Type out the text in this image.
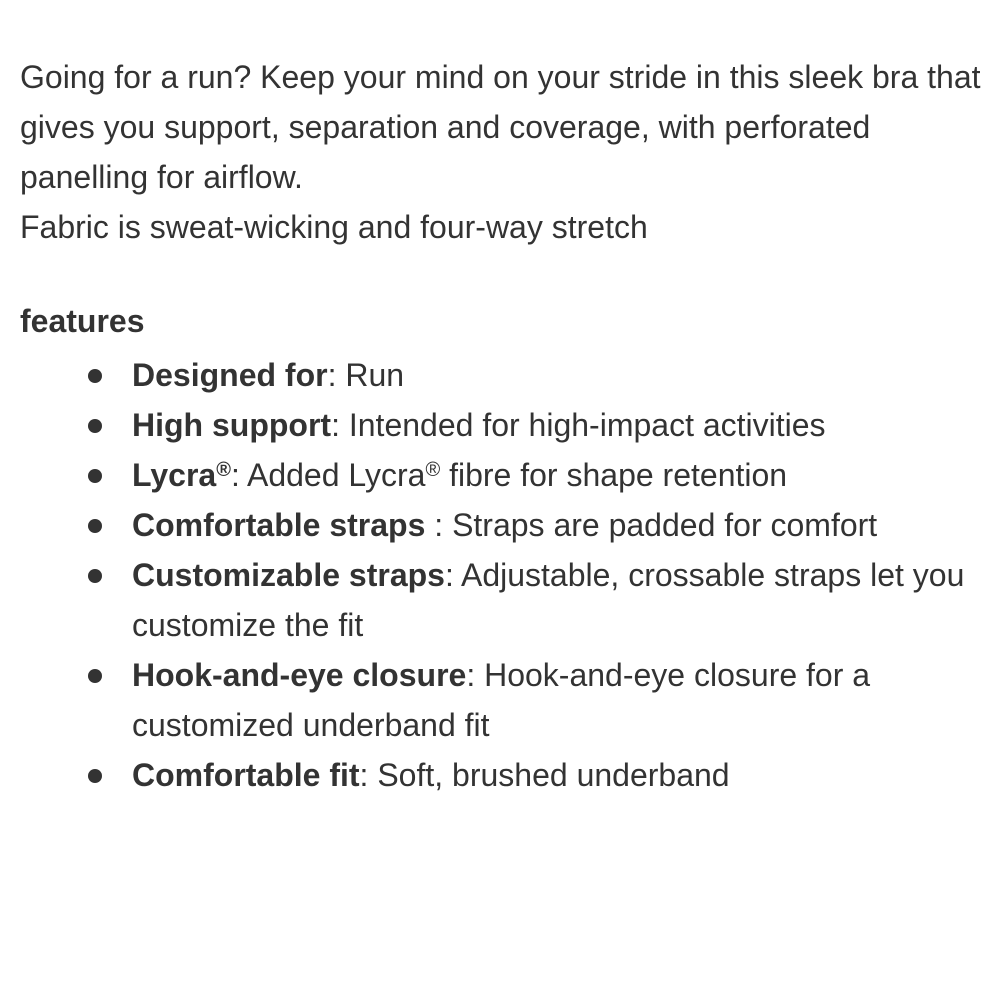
Going for a run? Keep your mind on your stride in this sleek bra that gives you support, separation and coverage, with perforated panelling for airflow.

Fabric is sweat-wicking and four-way stretch

features
Designed for: Run
High support: Intended for high-impact activities
Lycra®: Added Lycra® fibre for shape retention
Comfortable straps : Straps are padded for comfort
Customizable straps: Adjustable, crossable straps let you customize the fit
Hook-and-eye closure: Hook-and-eye closure for a customized underband fit
Comfortable fit: Soft, brushed underband
